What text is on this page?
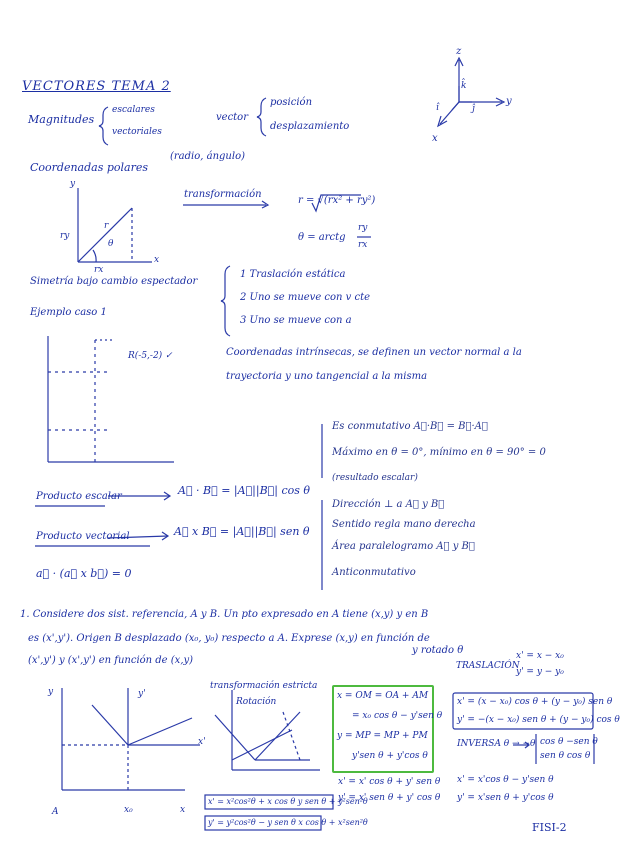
VECTORES TEMA 2
z
y
x
k̂
ĵ
î
Magnitudes
escalares
vectoriales
vector
posición
desplazamiento
Coordenadas polares
(radio, ángulo)
y
ry
r
θ
rx
x
transformación
r = √(rx² + ry²)
θ = arctg
ry
rx
Simetría bajo cambio espectador
1 Traslación estática
2 Uno se mueve con v cte
3 Uno se mueve con a
Ejemplo caso 1
R(-5,-2) ✓	Coordenadas intrínsecas, se definen un vector normal a la
trayectoria y uno tangencial a la misma
Es conmutativo A⃗·B⃗ = B⃗·A⃗
Máximo en θ = 0°, mínimo en θ = 90° = 0
(resultado escalar)
Producto escalar	A⃗ · B⃗ = |A⃗||B⃗| cos θ
Dirección ⊥ a A⃗ y B⃗
Sentido regla mano derecha
Área paralelogramo A⃗ y B⃗
Anticonmutativo
Producto vectorial	A⃗ x B⃗ = |A⃗||B⃗| sen θ
a⃗ · (a⃗ x b⃗) = 0
1. Considere dos sist. referencia, A y B. Un pto expresado en A tiene (x,y) y en B
es (x',y'). Origen B desplazado (x₀, y₀) respecto a A. Exprese (x,y) en función de
(x',y') y (x',y') en función de (x,y)
y rotado θ
transformación estricta
Rotación
A	x₀	x
y	y'
x'
x = OM = OA + AM
= x₀ cos θ − y'sen θ
y = MP = MP + PM
y'sen θ + y'cos θ
TRASLACIÓN
x' = x − x₀
y' = y − y₀
x' = (x − x₀) cos θ + (y − y₀) sen θ
y' = −(x − x₀) sen θ + (y − y₀) cos θ
INVERSA θ → −θ cos θ −sen θ
sen θ cos θ
x' = x'cos θ − y'sen θ
y' = x'sen θ + y'cos θ
x' = x' cos θ + y' sen θ
y' = x' sen θ + y' cos θ
x' = x²cos²θ + x cos θ y sen θ + y²sen²θ
y' = y²cos²θ − y sen θ x cos θ + x²sen²θ	FISI-2
